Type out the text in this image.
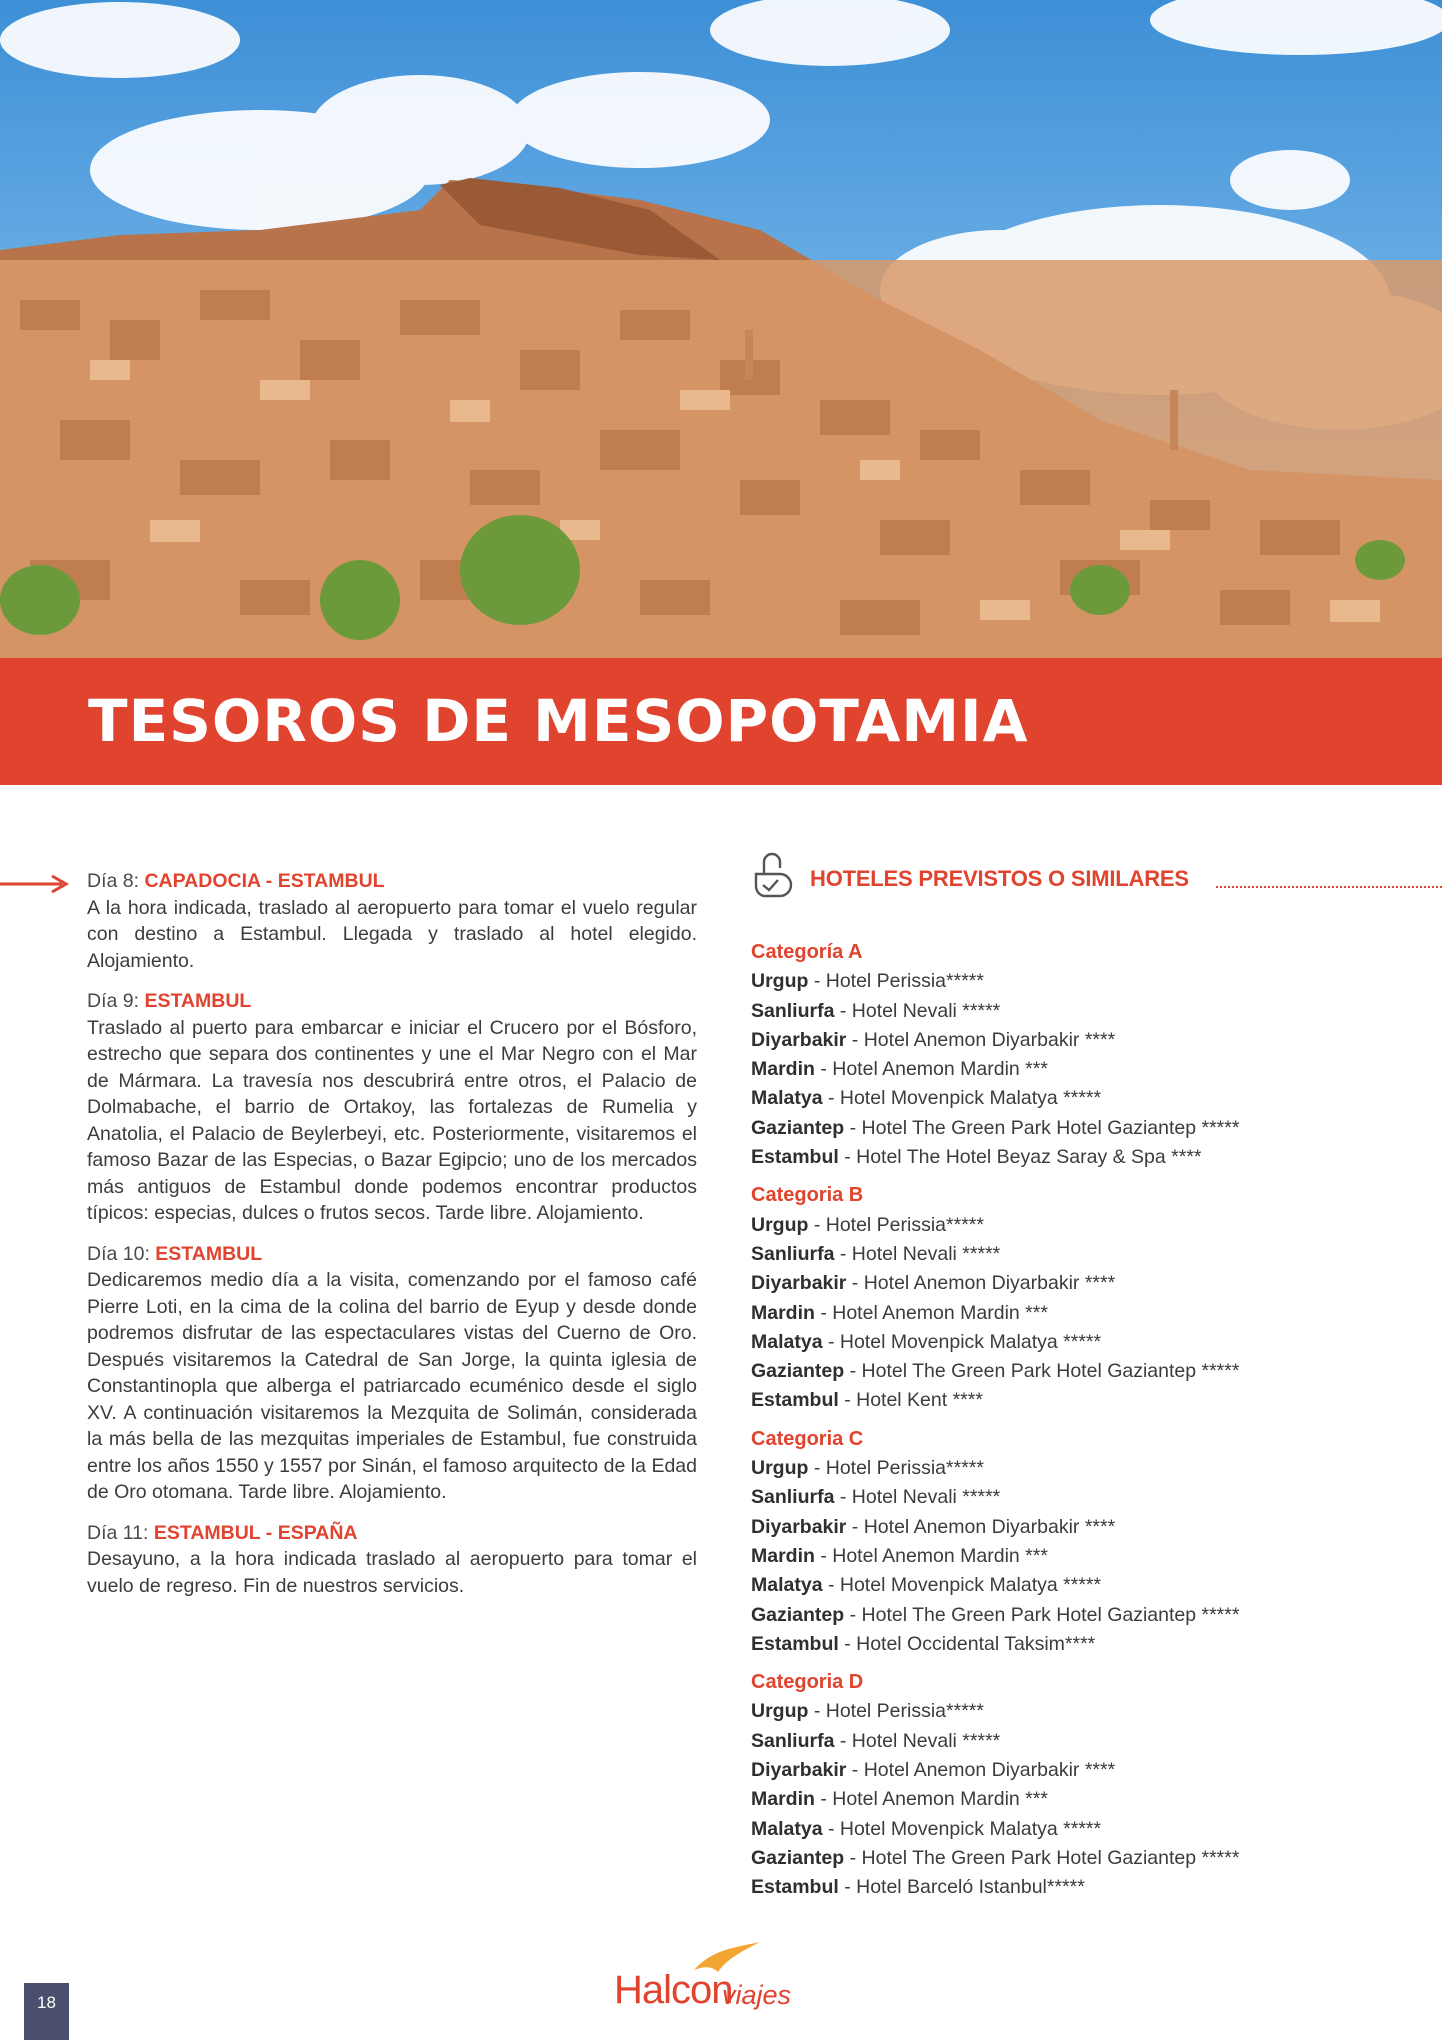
TESOROS DE MESOPOTAMIA
Día 8: CAPADOCIA - ESTAMBUL

A la hora indicada, traslado al aeropuerto para tomar el vuelo regular con destino a Estambul. Llegada y traslado al hotel elegido. Alojamiento.

Día 9: ESTAMBUL

Traslado al puerto para embarcar e iniciar el Crucero por el Bósforo, estrecho que separa dos continentes y une el Mar Negro con el Mar de Mármara. La travesía nos descubrirá entre otros, el Palacio de Dolmabache, el barrio de Ortakoy, las fortalezas de Rumelia y Anatolia, el Palacio de Beylerbeyi, etc. Posteriormente, visitaremos el famoso Bazar de las Especias, o Bazar Egipcio; uno de los mercados más antiguos de Estambul donde podemos encontrar productos típicos: especias, dulces o frutos secos. Tarde libre. Alojamiento.

Día 10: ESTAMBUL

Dedicaremos medio día a la visita, comenzando por el famoso café Pierre Loti, en la cima de la colina del barrio de Eyup y desde donde podremos disfrutar de las espectaculares vistas del Cuerno de Oro. Después visitaremos la Catedral de San Jorge, la quinta iglesia de Constantinopla que alberga el patriarcado ecuménico desde el siglo XV. A continuación visitaremos la Mezquita de Solimán, considerada la más bella de las mezquitas imperiales de Estambul, fue construida entre los años 1550 y 1557 por Sinán, el famoso arquitecto de la Edad de Oro otomana. Tarde libre. Alojamiento.

Día 11: ESTAMBUL - ESPAÑA

Desayuno, a la hora indicada traslado al aeropuerto para tomar el vuelo de regreso. Fin de nuestros servicios.

HOTELES PREVISTOS O SIMILARES
Categoría A
Urgup - Hotel Perissia*****
Sanliurfa - Hotel Nevali *****
Diyarbakir - Hotel Anemon Diyarbakir ****
Mardin - Hotel Anemon Mardin ***
Malatya - Hotel Movenpick Malatya *****
Gaziantep - Hotel The Green Park Hotel Gaziantep *****
Estambul - Hotel The Hotel Beyaz Saray & Spa ****
Categoria B
Urgup - Hotel Perissia*****
Sanliurfa - Hotel Nevali *****
Diyarbakir - Hotel Anemon Diyarbakir ****
Mardin - Hotel Anemon Mardin ***
Malatya - Hotel Movenpick Malatya *****
Gaziantep - Hotel The Green Park Hotel Gaziantep *****
Estambul - Hotel Kent ****
Categoria C
Urgup - Hotel Perissia*****
Sanliurfa - Hotel Nevali *****
Diyarbakir - Hotel Anemon Diyarbakir ****
Mardin - Hotel Anemon Mardin ***
Malatya - Hotel Movenpick Malatya *****
Gaziantep - Hotel The Green Park Hotel Gaziantep *****
Estambul - Hotel Occidental Taksim****
Categoria D
Urgup - Hotel Perissia*****
Sanliurfa - Hotel Nevali *****
Diyarbakir - Hotel Anemon Diyarbakir ****
Mardin - Hotel Anemon Mardin ***
Malatya - Hotel Movenpick Malatya *****
Gaziantep - Hotel The Green Park Hotel Gaziantep *****
Estambul - Hotel Barceló Istanbul*****
18	Halcon
viajes
